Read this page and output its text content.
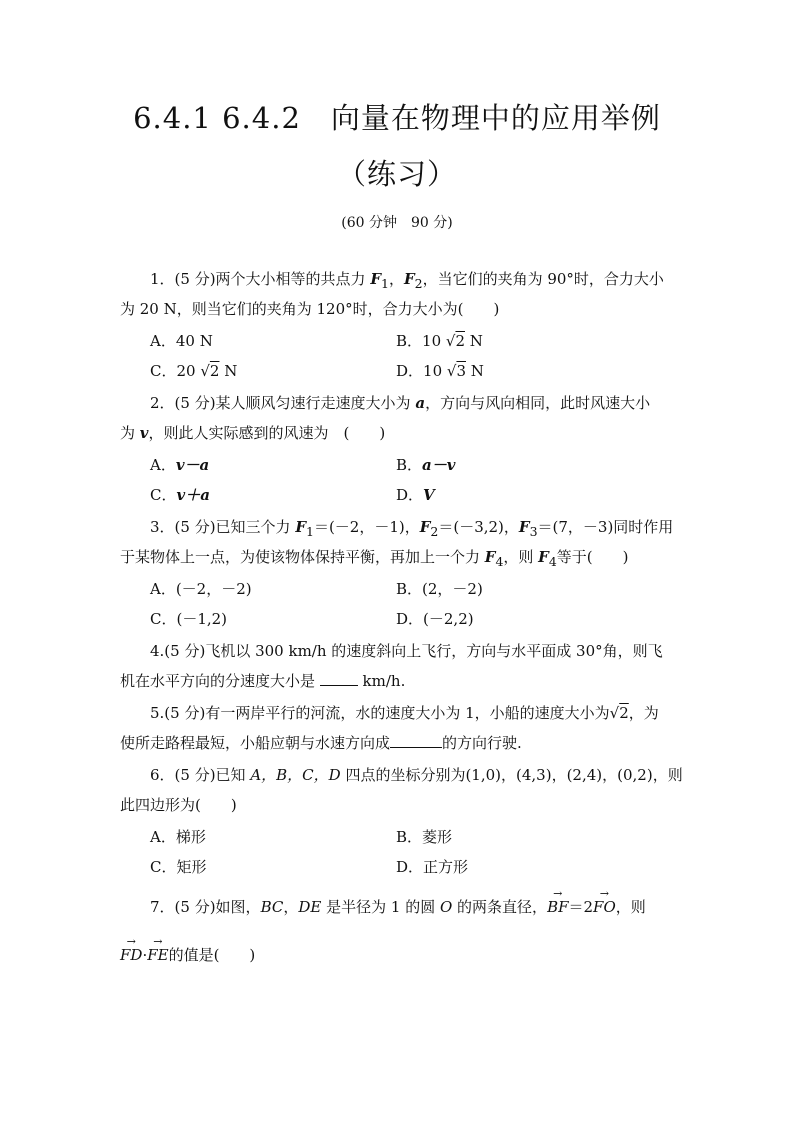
6.4.1 6.4.2　向量在物理中的应用举例
（练习）
(60 分钟　90 分)
1．(5 分)两个大小相等的共点力 $F_1$，$F_2$，当它们的夹角为 90°时，合力大小
为 20 N，则当它们的夹角为 120°时，合力大小为(　　)
A．40 N	B．10 √2 N
C．20 √2 N	D．10 √3 N
2．(5 分)某人顺风匀速行走速度大小为 a，方向与风向相同，此时风速大小
为 v，则此人实际感到的风速为　(　　)
A．v－a	B．a－v
C．v＋a	D．V
3．(5 分)已知三个力 $F_1=(-2$，－1)，$F_2=(-3,2)$，$F_3=(7$，－3)同时作用
于某物体上一点，为使该物体保持平衡，再加上一个力 $F_4$，则 $F_4$等于(　　)
A．(－2，－2)	B．(2，－2)
C．(－1,2)	D．(－2,2)
4.(5 分)飞机以 300 km/h 的速度斜向上飞行，方向与水平面成 30°角，则飞
机在水平方向的分速度大小是	km/h.
5.(5 分)有一两岸平行的河流，水的速度大小为 1，小船的速度大小为√2，为
使所走路程最短，小船应朝与水速方向成	的方向行驶.
6．(5 分)已知 A，B，C，D 四点的坐标分别为(1,0)，(4,3)，(2,4)，(0,2)，则
此四边形为(　　)
A．梯形	B．菱形
C．矩形	D．正方形
7．(5 分)如图，BC，DE 是半径为 1 的圆 O 的两条直径，→ BF＝2→ FO，则
→ FD·→ FE的值是(　　)
